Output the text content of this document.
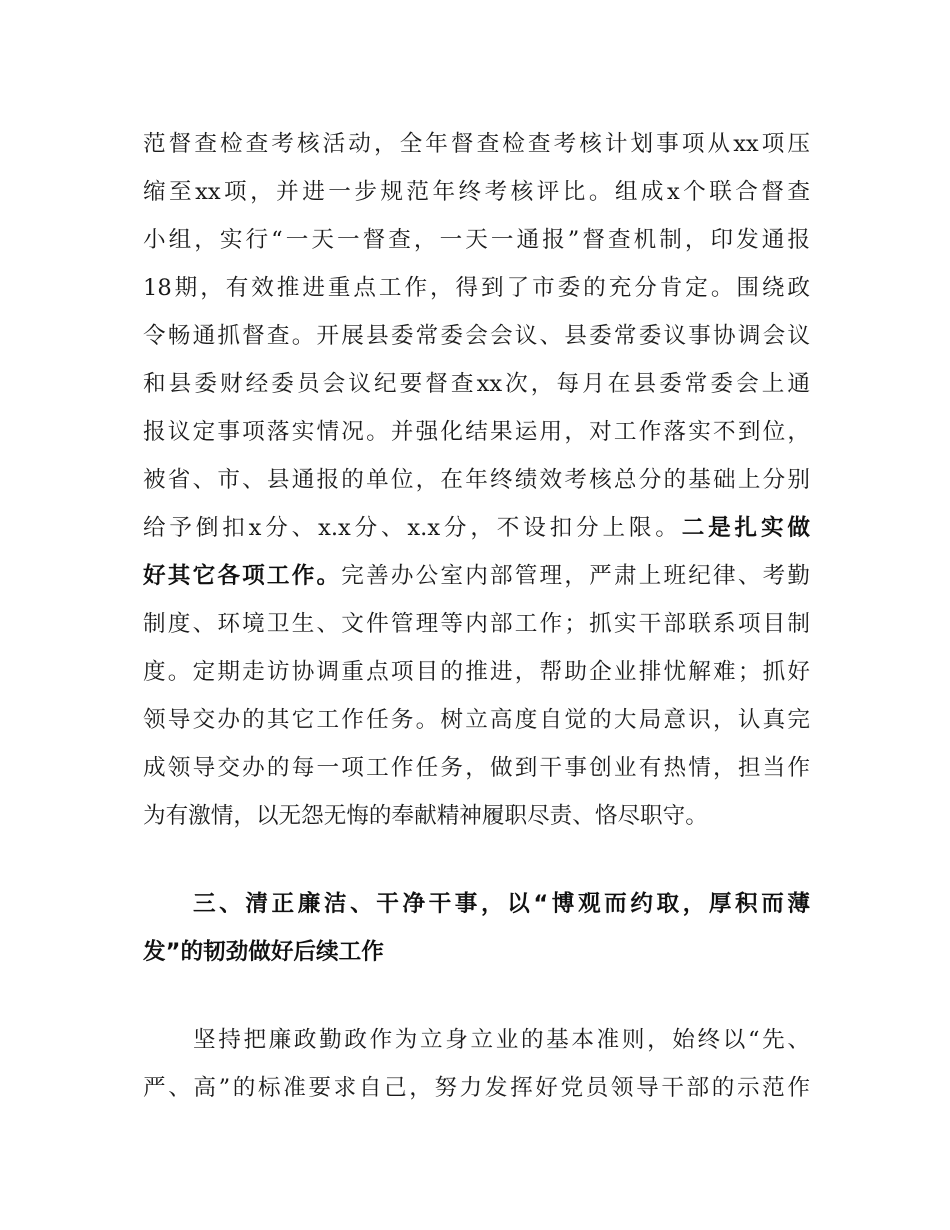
范督查检查考核活动，全年督查检查考核计划事项从xx项压
缩至xx项，并进一步规范年终考核评比。组成x个联合督查
小组，实行“一天一督查，一天一通报”督查机制，印发通报
18期，有效推进重点工作，得到了市委的充分肯定。围绕政
令畅通抓督查。开展县委常委会会议、县委常委议事协调会议
和县委财经委员会议纪要督查xx次，每月在县委常委会上通
报议定事项落实情况。并强化结果运用，对工作落实不到位，
被省、市、县通报的单位，在年终绩效考核总分的基础上分别
给予倒扣x分、x.x分、x.x分，不设扣分上限。二是扎实做
好其它各项工作。完善办公室内部管理，严肃上班纪律、考勤
制度、环境卫生、文件管理等内部工作；抓实干部联系项目制
度。定期走访协调重点项目的推进，帮助企业排忧解难；抓好
领导交办的其它工作任务。树立高度自觉的大局意识，认真完
成领导交办的每一项工作任务，做到干事创业有热情，担当作
为有激情，以无怨无悔的奉献精神履职尽责、恪尽职守。
三、清正廉洁、干净干事，以“博观而约取，厚积而薄
发”的韧劲做好后续工作
坚持把廉政勤政作为立身立业的基本准则，始终以“先、
严、高”的标准要求自己，努力发挥好党员领导干部的示范作
